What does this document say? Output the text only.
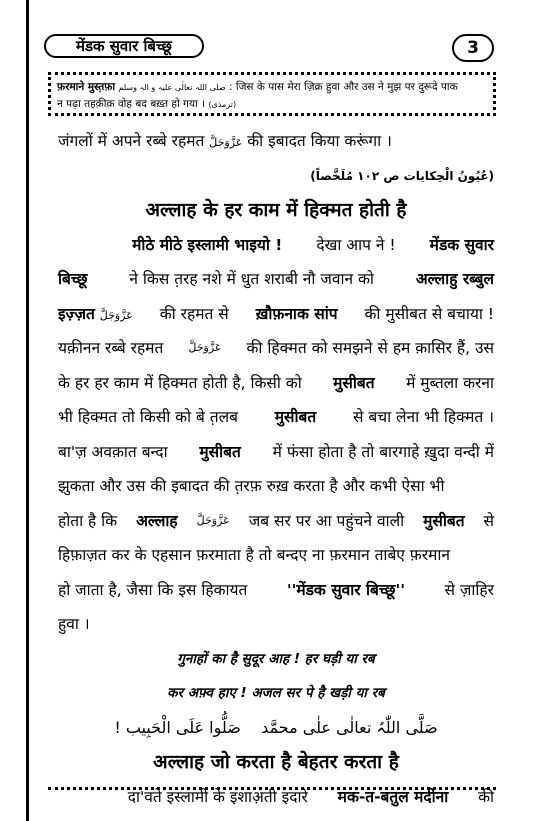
मेंडक सुवार बिच्छू	3
फ़रमाने मुस्त़फ़ा صلی اللہ تعالٰی علیہ و الہ وسلم : जिस के पास मेरा ज़िक्र हुवा और उस ने मुझ पर दुरूदे पाक
न पढ़ा तहक़ीक़ वोह बद बख़्त हो गया । (ترمذی)
जंगलों में अपने रब्बे रहमत عَزَّوَجَلَّ की इबादत किया करूंगा ।
(عُیُونُ الْحِکایات ص ۱۰۲ مُلَخَّصاً)
अल्लाह के हर काम में हिक्मत होती है
मीठे मीठे इस्लामी भाइयो ! देखा आप ने ! मेंडक सुवार
बिच्छू	ने किस त़रह नशे में धुत शराबी नौ जवान को	अल्लाहु रब्बुल
इज़्ज़त عَزَّوَجَلَّ की रहमत से ख़ौफ़नाक सांप की मुसीबत से बचाया !
यक़ीनन रब्बे रहमत عَزَّوَجَلَّ की हिक्मत को समझने से हम क़ासिर हैं, उस
के हर हर काम में हिक्मत होती है, किसी को मुसीबत में मुब्तला करना
भी हिक्मत तो किसी को बे त़लब मुसीबत से बचा लेना भी हिक्मत ।
बा'ज़ अवक़ात बन्दा मुसीबत में फंसा होता है तो बारगाहे ख़ुदा वन्दी में
झुकता और उस की इबादत की त़रफ़ रुख़ करता है और कभी ऐसा भी
होता है कि अल्लाह عَزَّوَجَلَّ जब सर पर आ पहुंचने वाली मुसीबत से
हिफ़ाज़त कर के एहसान फ़रमाता है तो बन्दए ना फ़रमान ताबेए फ़रमान
हो जाता है, जैसा कि इस हिकायत	''मेंडक सुवार बिच्छू''	से ज़ाहिर
हुवा ।
गुनाहों का है सुदूर आह ! हर घड़ी या रब
कर अफ़्व हाए ! अजल सर पे है खड़ी या रब
صَلُّوا عَلَی الْحَبِیب ! صَلَّی اللّٰہُ تعالٰی علٰی محمَّد
अल्लाह जो करता है बेहतर करता है
दा'वते इस्लामी के इशाअ़ती इदारे मक-त-बतुल मदीना की
